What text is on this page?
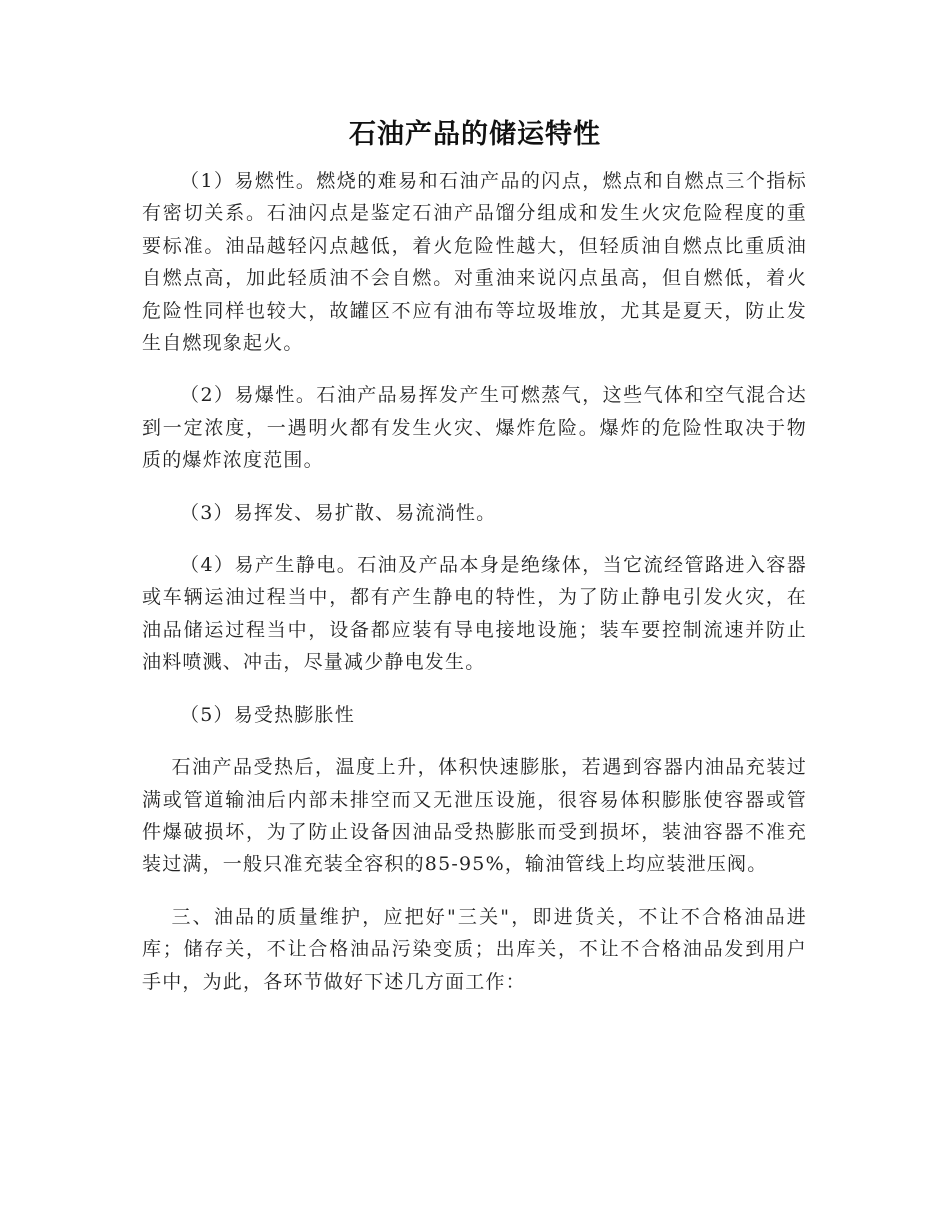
石油产品的储运特性

（1）易燃性。燃烧的难易和石油产品的闪点，燃点和自燃点三个指标有密切关系。石油闪点是鉴定石油产品馏分组成和发生火灾危险程度的重要标准。油品越轻闪点越低，着火危险性越大，但轻质油自燃点比重质油自燃点高，加此轻质油不会自燃。对重油来说闪点虽高，但自燃低，着火危险性同样也较大，故罐区不应有油布等垃圾堆放，尤其是夏天，防止发生自燃现象起火。

（2）易爆性。石油产品易挥发产生可燃蒸气，这些气体和空气混合达到一定浓度，一遇明火都有发生火灾、爆炸危险。爆炸的危险性取决于物质的爆炸浓度范围。

（3）易挥发、易扩散、易流淌性。

（4）易产生静电。石油及产品本身是绝缘体，当它流经管路进入容器或车辆运油过程当中，都有产生静电的特性，为了防止静电引发火灾，在油品储运过程当中，设备都应装有导电接地设施；装车要控制流速并防止油料喷溅、冲击，尽量减少静电发生。

（5）易受热膨胀性

石油产品受热后，温度上升，体积快速膨胀，若遇到容器内油品充装过满或管道输油后内部未排空而又无泄压设施，很容易体积膨胀使容器或管件爆破损坏，为了防止设备因油品受热膨胀而受到损坏，装油容器不准充装过满，一般只准充装全容积的85-95%，输油管线上均应装泄压阀。

三、油品的质量维护，应把好"三关"，即进货关，不让不合格油品进库；储存关，不让合格油品污染变质；出库关，不让不合格油品发到用户手中，为此，各环节做好下述几方面工作：
